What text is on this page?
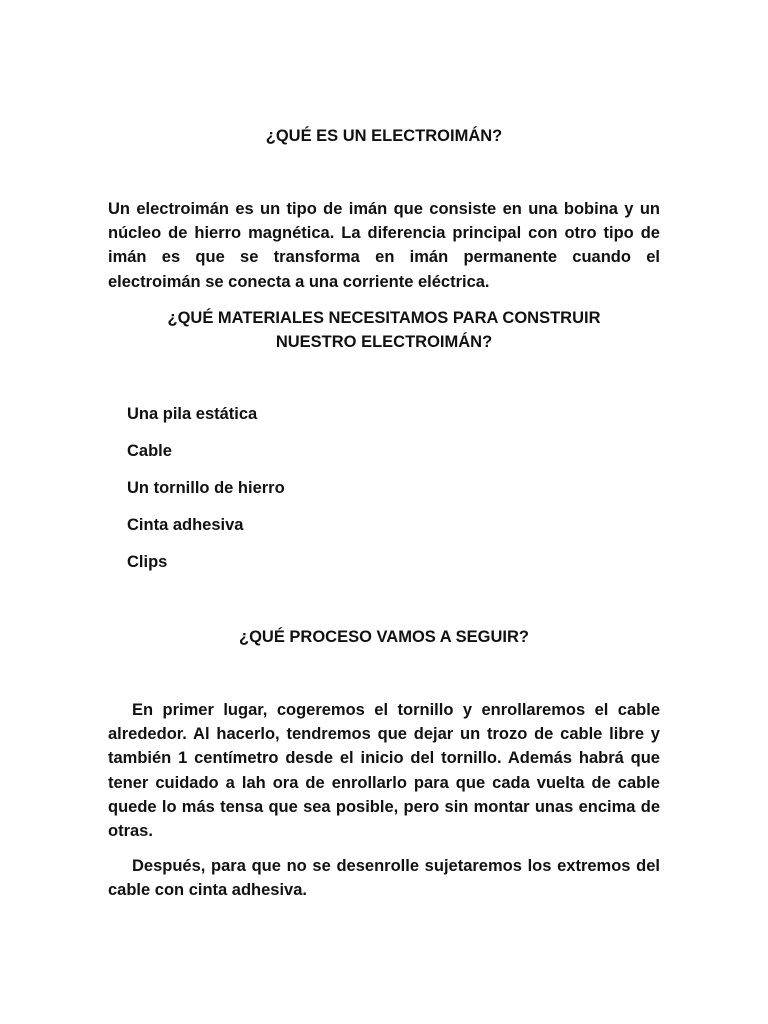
¿QUÉ ES UN ELECTROIMÁN?

Un electroimán es un tipo de imán que consiste en una bobina y un núcleo de hierro magnética. La diferencia principal con otro tipo de imán es que se transforma en imán permanente cuando el electroimán se conecta a una corriente eléctrica.

¿QUÉ MATERIALES NECESITAMOS PARA CONSTRUIR
NUESTRO ELECTROIMÁN?
Una pila estática
Cable
Un tornillo de hierro
Cinta adhesiva
Clips
¿QUÉ PROCESO VAMOS A SEGUIR?

En primer lugar, cogeremos el tornillo y enrollaremos el cable alrededor. Al hacerlo, tendremos que dejar un trozo de cable libre y también 1 centímetro desde el inicio del tornillo. Además habrá que tener cuidado a lah ora de enrollarlo para que cada vuelta de cable quede lo más tensa que sea posible, pero sin montar unas encima de otras.

Después, para que no se desenrolle sujetaremos los extremos del cable con cinta adhesiva.
